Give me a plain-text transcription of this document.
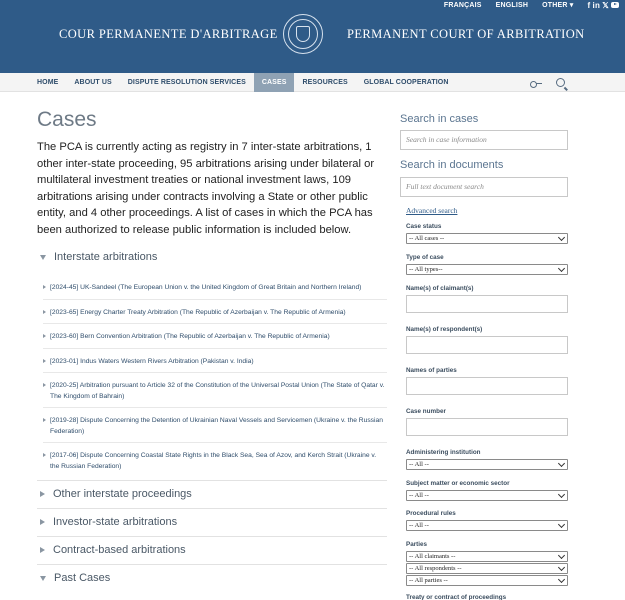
FRANÇAIS ENGLISH OTHER ▾ f in 𝕏
COUR PERMANENTE D'ARBITRAGE	PERMANENT COURT OF ARBITRATION
HOME	ABOUT US	DISPUTE RESOLUTION SERVICES	CASES	RESOURCES	GLOBAL COOPERATION
Cases

The PCA is currently acting as registry in 7 inter-state arbitrations, 1 other inter-state proceeding, 95 arbitrations arising under bilateral or multilateral investment treaties or national investment laws, 109 arbitrations arising under contracts involving a State or other public entity, and 4 other proceedings. A list of cases in which the PCA has been authorized to release public information is included below.

Interstate arbitrations
[2024-45] UK-Sandeel (The European Union v. the United Kingdom of Great Britain and Northern Ireland)
[2023-65] Energy Charter Treaty Arbitration (The Republic of Azerbaijan v. The Republic of Armenia)
[2023-60] Bern Convention Arbitration (The Republic of Azerbaijan v. The Republic of Armenia)
[2023-01] Indus Waters Western Rivers Arbitration (Pakistan v. India)
[2020-25] Arbitration pursuant to Article 32 of the Constitution of the Universal Postal Union (The State of Qatar v. The Kingdom of Bahrain)
[2019-28] Dispute Concerning the Detention of Ukrainian Naval Vessels and Servicemen (Ukraine v. the Russian Federation)
[2017-06] Dispute Concerning Coastal State Rights in the Black Sea, Sea of Azov, and Kerch Strait (Ukraine v. the Russian Federation)
Other interstate proceedings
Investor-state arbitrations
Contract-based arbitrations
Past Cases
Search in cases
Search in case information
Search in documents
Full text document search
Advanced search
Case status
-- All cases --
Type of case
-- All types--
Name(s) of claimant(s)
Name(s) of respondent(s)
Names of parties
Case number
Administering institution
-- All --
Subject matter or economic sector
-- All --
Procedural rules
-- All --
Parties
-- All claimants --
-- All respondents --
-- All parties --
Treaty or contract of proceedings
